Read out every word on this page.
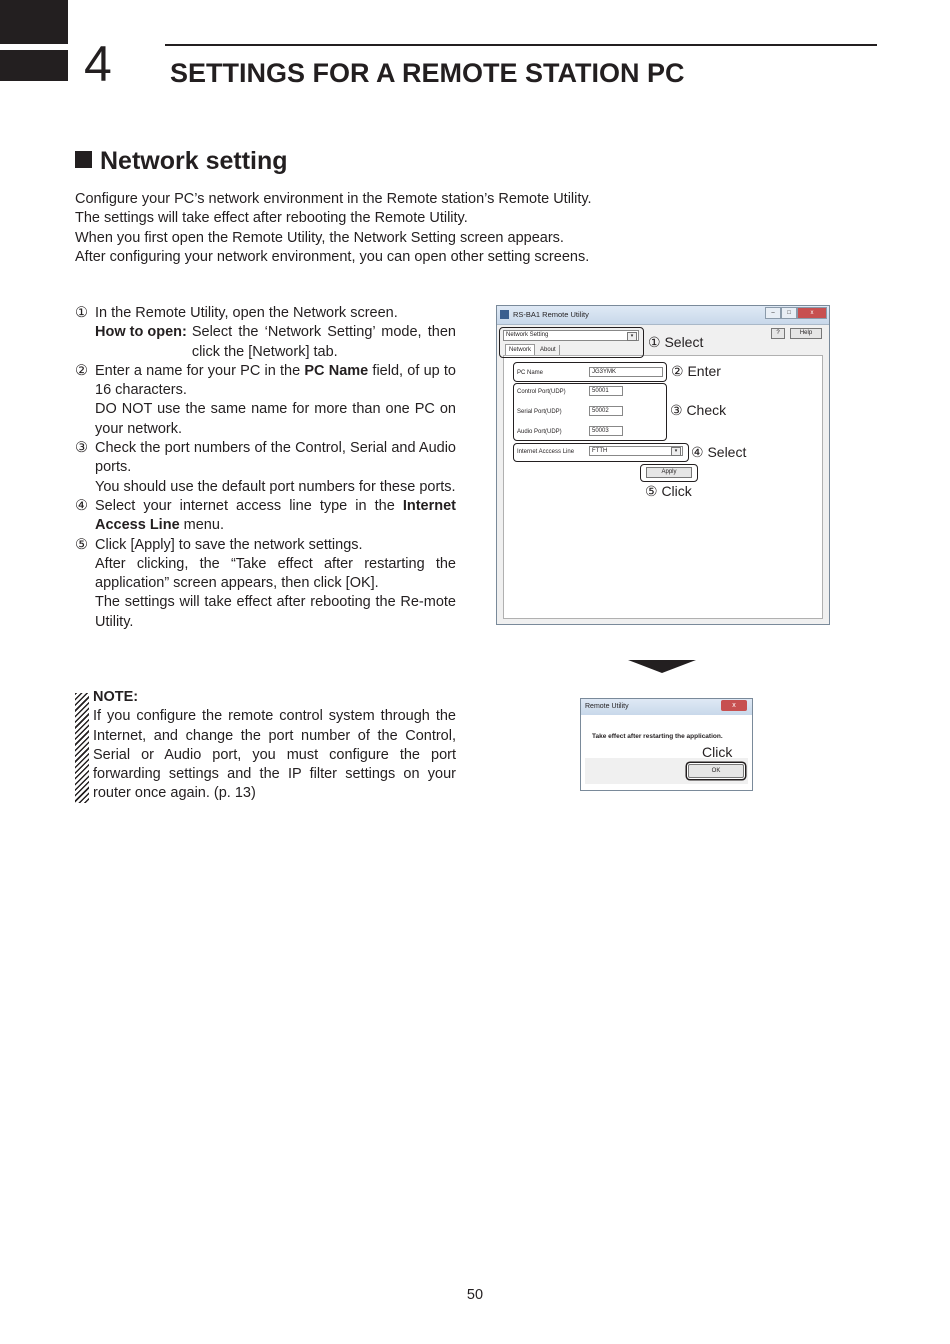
4 SETTINGS FOR A REMOTE STATION PC
Network setting

Configure your PC’s network environment in the Remote station’s Remote Utility.

The settings will take effect after rebooting the Remote Utility.

When you first open the Remote Utility, the Network Setting screen appears.

After configuring your network environment, you can open other setting screens.

① In the Remote Utility, open the Network screen.

How to open: Select the ‘Network Setting’ mode, then click the [Network] tab.
② Enter a name for your PC in the PC Name field, of up to 16 characters.

DO NOT use the same name for more than one PC on your network.

③ Check the port numbers of the Control, Serial and Audio ports.

You should use the default port numbers for these ports.

④ Select your internet access line type in the Internet Access Line menu.

⑤ Click [Apply] to save the network settings.

After clicking, the “Take effect after restarting the application” screen appears, then click [OK].

The settings will take effect after rebooting the Re-mote Utility.

NOTE:

If you configure the remote control system through the Internet, and change the port number of the Control, Serial or Audio port, you must configure the port forwarding settings and the IP filter settings on your router once again. (p. 13)

RS-BA1 Remote Utility	–	□	x
Network Setting	▾
Network	About
?	Help
PC Name	JG3YMK
Control Port(UDP)	50001
Serial Port(UDP)	50002
Audio Port(UDP)	50003
Internet Acccess Line	FTTH	▾
Apply
① Select
② Enter
③ Check
④ Select
⑤ Click
Remote Utility	x
Take effect after restarting the application.
OK
Click
50
